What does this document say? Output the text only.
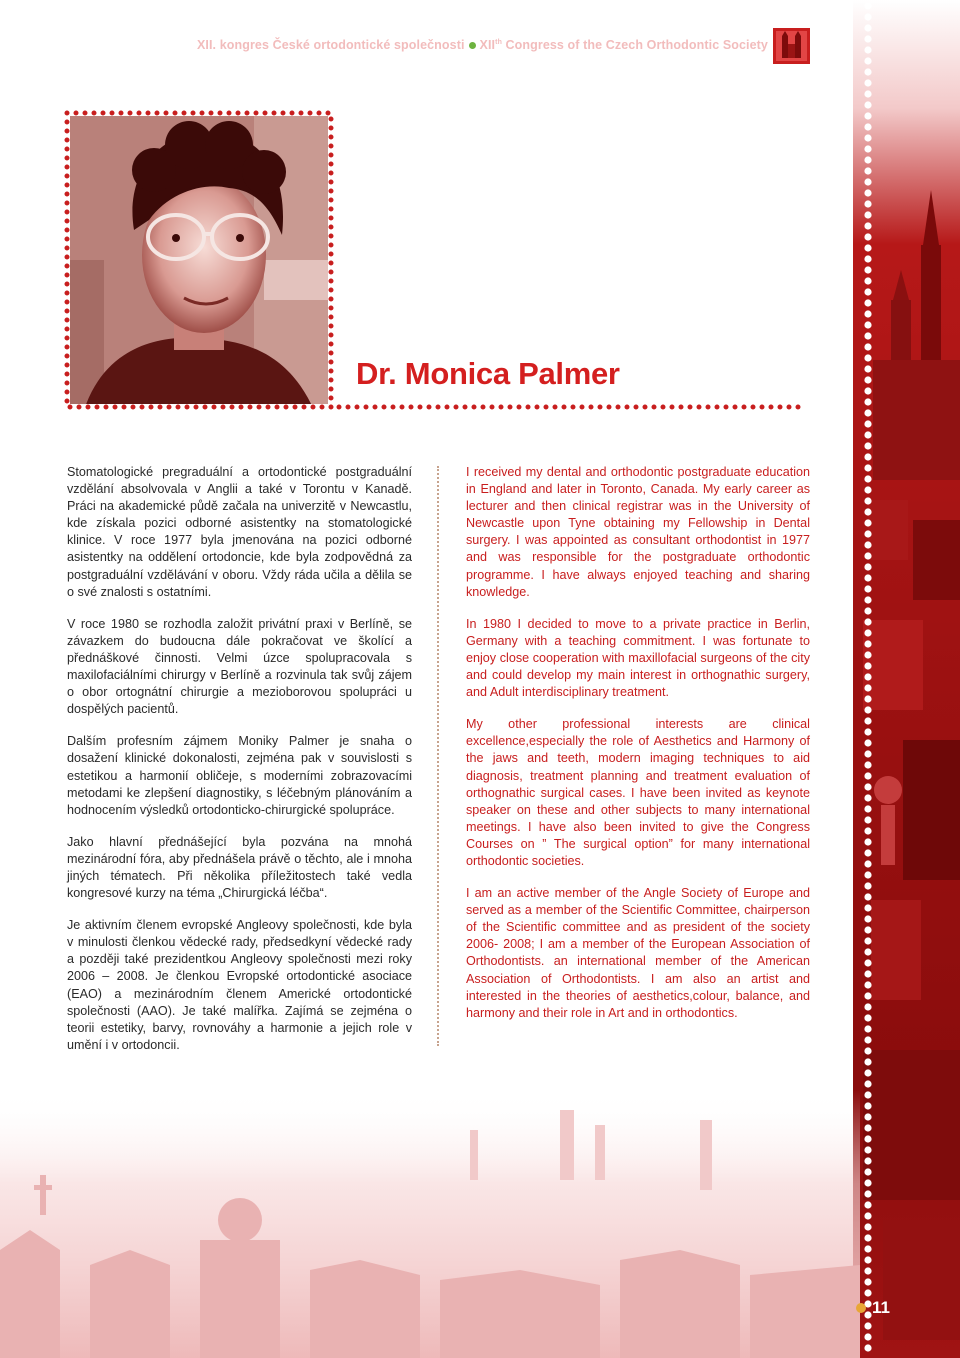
XII. kongres České ortodontické společnosti XIIth Congress of the Czech Orthodontic Society
Dr. Monica Palmer

Stomatologické pregraduální a ortodontické postgraduální vzdělání absolvovala v Anglii a také v Torontu v Kanadě. Práci na akademické půdě začala na univerzitě v Newcastlu, kde získala pozici odborné asistentky na stomatologické klinice. V roce 1977 byla jmenována na pozici odborné asistentky na oddělení ortodoncie, kde byla zodpovědná za postgraduální vzdělávání v oboru. Vždy ráda učila a dělila se o své znalosti s ostatními.

V roce 1980 se rozhodla založit privátní praxi v Berlíně, se závazkem do budoucna dále pokračovat ve školící a přednáškové činnosti. Velmi úzce spolupracovala s maxilofaciálními chirurgy v Berlíně a rozvinula tak svůj zájem o obor ortognátní chirurgie a mezioborovou spolupráci u dospělých pacientů.

Dalším profesním zájmem Moniky Palmer je snaha o dosažení klinické dokonalosti, zejména pak v souvislosti s estetikou a harmonií obličeje, s moderními zobrazovacími metodami ke zlepšení diagnostiky, s léčebným plánováním a hodnocením výsledků ortodonticko-chirurgické spolupráce.

Jako hlavní přednášející byla pozvána na mnohá mezinárodní fóra, aby přednášela právě o těchto, ale i mnoha jiných tématech. Při několika příležitostech také vedla kongresové kurzy na téma „Chirurgická léčba“.

Je aktivním členem evropské Angleovy společnosti, kde byla v minulosti členkou vědecké rady, předsedkyní vědecké rady a později také prezidentkou Angleovy společnosti mezi roky 2006 – 2008. Je členkou Evropské ortodontické asociace (EAO) a mezinárodním členem Americké ortodontické společnosti (AAO). Je také malířka. Zajímá se zejména o teorii estetiky, barvy, rovnováhy a harmonie a jejich role v umění i v ortodoncii.

I received my dental and orthodontic postgraduate education in England and later in Toronto, Canada. My early career as lecturer and then clinical registrar was in the University of Newcastle upon Tyne obtaining my Fellowship in Dental surgery. I was appointed as consultant orthodontist in 1977 and was responsible for the postgraduate orthodontic programme. I have always enjoyed teaching and sharing knowledge.

In 1980 I decided to move to a private practice in Berlin, Germany with a teaching commitment. I was fortunate to enjoy close cooperation with maxillofacial surgeons of the city and could develop my main interest in orthognathic surgery, and Adult interdisciplinary treatment.

My other professional interests are clinical excellence,especially the role of Aesthetics and Harmony of the jaws and teeth, modern imaging techniques to aid diagnosis, treatment planning and treatment evaluation of orthognathic surgical cases. I have been invited as keynote speaker on these and other subjects to many international meetings. I have also been invited to give the Congress Courses on ” The surgical option” for many international orthodontic societies.

I am an active member of the Angle Society of Europe and served as a member of the Scientific Committee, chairperson of the Scientific committee and as president of the society 2006- 2008; I am a member of the European Association of Orthodontists. an international member of the American Association of Orthodontists. I am also an artist and interested in the theories of aesthetics,colour, balance, and harmony and their role in Art and in orthodontics.

11
